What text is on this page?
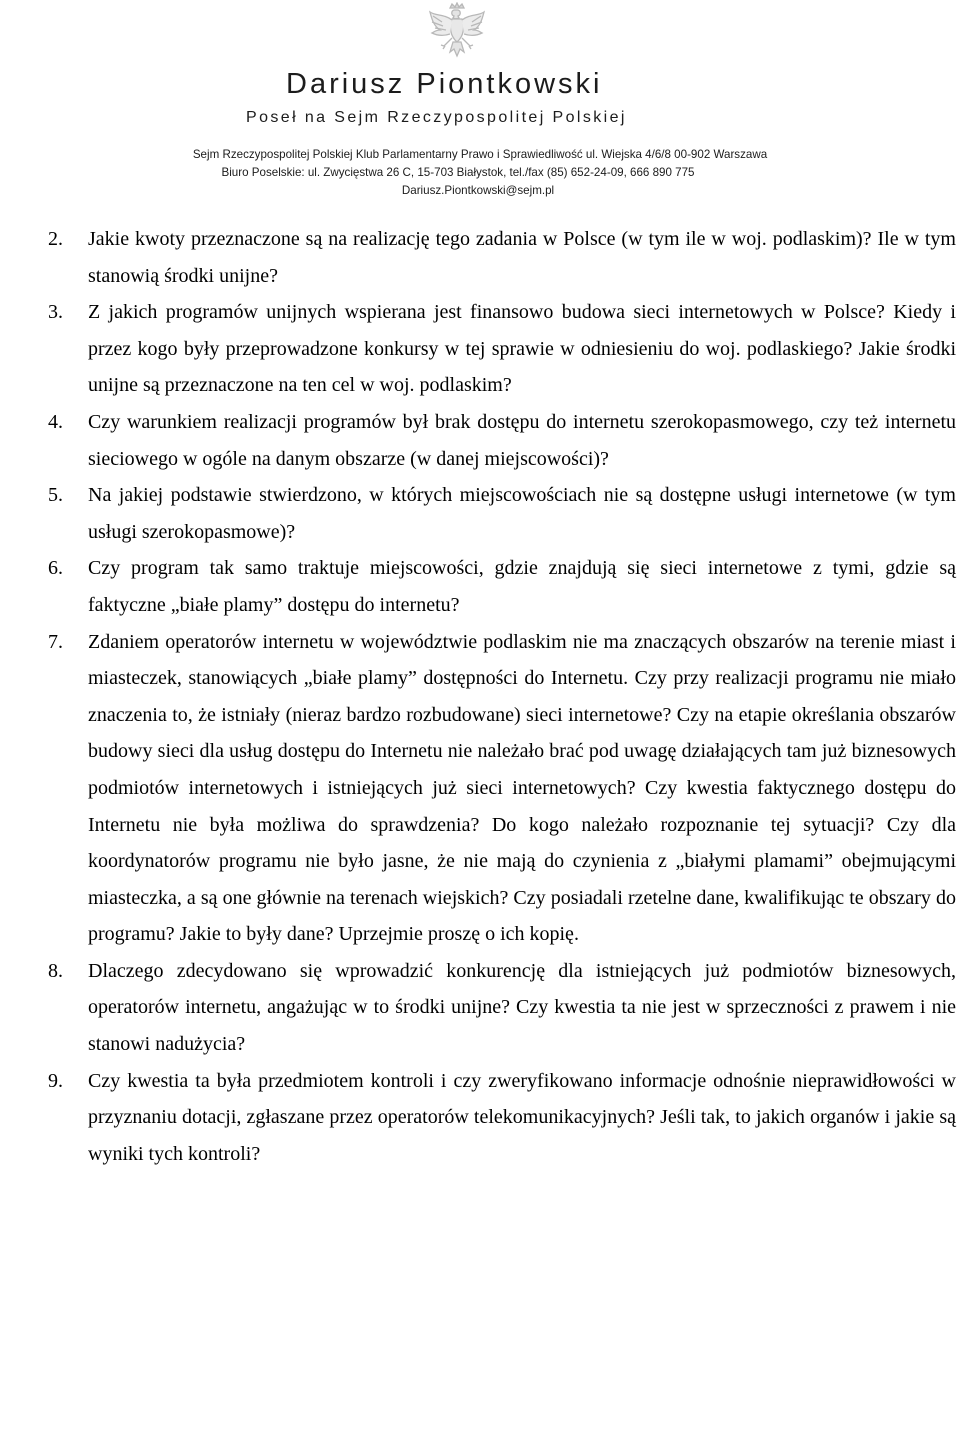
Dariusz Piontkowski
Poseł na Sejm Rzeczypospolitej Polskiej
Sejm Rzeczypospolitej Polskiej Klub Parlamentarny Prawo i Sprawiedliwość ul. Wiejska 4/6/8 00-902 Warszawa
Biuro Poselskie: ul. Zwycięstwa 26 C, 15-703 Białystok, tel./fax (85) 652-24-09, 666 890 775
Dariusz.Piontkowski@sejm.pl
2. Jakie kwoty przeznaczone są na realizację tego zadania w Polsce (w tym ile w woj. podlaskim)? Ile w tym stanowią środki unijne?
3. Z jakich programów unijnych wspierana jest finansowo budowa sieci internetowych w Polsce? Kiedy i przez kogo były przeprowadzone konkursy w tej sprawie w odniesieniu do woj. podlaskiego? Jakie środki unijne są przeznaczone na ten cel w woj. podlaskim?
4. Czy warunkiem realizacji programów był brak dostępu do internetu szerokopasmowego, czy też internetu sieciowego w ogóle na danym obszarze (w danej miejscowości)?
5. Na jakiej podstawie stwierdzono, w których miejscowościach nie są dostępne usługi internetowe (w tym usługi szerokopasmowe)?
6. Czy program tak samo traktuje miejscowości, gdzie znajdują się sieci internetowe z tymi, gdzie są faktyczne „białe plamy” dostępu do internetu?
7. Zdaniem operatorów internetu w województwie podlaskim nie ma znaczących obszarów na terenie miast i miasteczek, stanowiących „białe plamy” dostępności do Internetu. Czy przy realizacji programu nie miało znaczenia to, że istniały (nieraz bardzo rozbudowane) sieci internetowe? Czy na etapie określania obszarów budowy sieci dla usług dostępu do Internetu nie należało brać pod uwagę działających tam już biznesowych podmiotów internetowych i istniejących już sieci internetowych? Czy kwestia faktycznego dostępu do Internetu nie była możliwa do sprawdzenia? Do kogo należało rozpoznanie tej sytuacji? Czy dla koordynatorów programu nie było jasne, że nie mają do czynienia z „białymi plamami” obejmującymi miasteczka, a są one głównie na terenach wiejskich? Czy posiadali rzetelne dane, kwalifikując te obszary do programu? Jakie to były dane? Uprzejmie proszę o ich kopię.
8. Dlaczego zdecydowano się wprowadzić konkurencję dla istniejących już podmiotów biznesowych, operatorów internetu, angażując w to środki unijne? Czy kwestia ta nie jest w sprzeczności z prawem i nie stanowi nadużycia?
9. Czy kwestia ta była przedmiotem kontroli i czy zweryfikowano informacje odnośnie nieprawidłowości w przyznaniu dotacji, zgłaszane przez operatorów telekomunikacyjnych? Jeśli tak, to jakich organów i jakie są wyniki tych kontroli?
